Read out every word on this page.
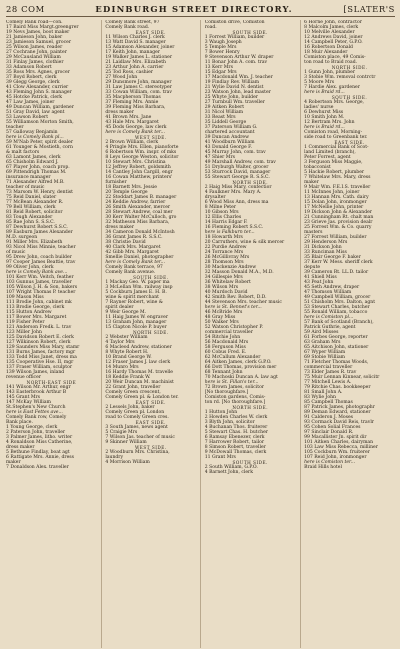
28 COM	EDINBURGH STREET DIRECTORY.	[SLATER'S
Comely Bank road—con.
17 Baird Miss Margt.greengrer
19 Nevs James, boot maker
21 Jamieson John, baker
23 Jamieson Samuel, grocer
25 Wilson James, reader
27 Cochrane John, painter
29 McCausland William
31 Finlay James, clothier
33 Adamson Robert
35 Ross Mrs. Agnes, grocer
37 Boyd Robert, clerk
39 Glegg George, clerk
41 Clow Alexander, currier
43 Fleming John S. manager
45 Hotcke Patrick, clerk
47 Law James, joiner
49 Duncan William, gardener
51 Gray David, law agent
53 Lawson Robert
55 Williamson Morton Smith,
teacher
57 Galloway Benjamin
here is Comely Bank pl...
59 M'Nab Peter, spirit dealer
61 Younger & Mostieth, corn
& malt factors
63 Lamont James, clerk
65 Chisholm Edward J.
67 Player John, coach prop.
69 Pittendrigh Thomas M.
insurance manager
71 Alexander Alfred M.B.
teacher of music
73 Marsom W. Henry, dentist
75 Reid Daniel, slater
77 McBean Alexander R.
79 Bell William, clerk
81 Reid Robert, solicitor
83 Tough Alexander
85 Rae John S. S.S.C.
87 Dewhurst Robert S.S.C.
89 Easburn James Alexander
M.D. surgeon
91 Miller Mrs. Elizabeth
93 Nicol Miss Minnie, teacher
of music
95 Drew John, coach builder
97 Cooper James Beattie, trav
99 Oliver John, clerk
here is Comely Bank ave...
101 Kerr Wm. Veitch, feather
103 Gunnus James, traveller
105 Wilson J. H. & Son, bakers
107 Wright Thomas P. teacher
109 Mason Miss
111 Brodie John, cabinet mk
113 Brodie George, clerk
115 Hutton Andrew
117 Bower Mrs. Margaret
119 Fisher Peter
121 Anderson Fredk. L. trav
123 Miller John
125 Davidson Robert E. clerk
127 Wilkinson Robert, clerk
129 Saunders Miss Mary, stamr
131 Burns James, factory mgr
133 Todd Miss Janet, dress ma
135 Cooperative Hse. II, mgr
137 Fraser William, sculptor
139 Wilson James, inland
revenue officer
NORTH-EAST SIDE
141 Wilson Mr. Arthur, engr
143 Easterbrook Arthur B
145 Grant Mrs
147 McKay William
St.Stephen's New Church
here is East Fettes ave...
Comely Bank row, Comely
Bank place.
1 Young George, clerk
2 Paterson John, traveller
3 Palmer James, litho. writer
4 Ronaldson Miss Catherine,
dress maker
5 Bethune Findlay, boat agt
6 Rattigate Mrs. Annie, dress
maker
7 Donaldson Alex. traveller
Comely Bank street, 97
Comely Bank road.
EAST SIDE.
11 Wilson Charles J. clerk
13 Watt David S. manager
15 Adamson Alexander, joiner
17 Keith John, manager
19 Walker James L. stationer
21 Laidlaw Mrs. Elizabeth
23 Arthur John A. carrier
25 Tod Ross, cashier
27 Wood John
29 Dunsmore John, manager
31 Law James C. stereotyper
33 Cowan William, com. trav
35 Macpherson Thomas
37 Fleming Mrs. Annie
39 Fleming Miss Barbara,
dress maker
41 Brown Mrs. Jane
43 Hale Mrs. Margaret
45 Dods George, law clerk
here is Comely Bank ter...
WEST SIDE.
2 Brown William, clerk
4 Pringle Mrs. Ellen, pianoforte
6 Robertson Wm. inspr. of mks
8 Leys George Weston, solicitor
10 Stewart Mrs. Christina
12 Jeffrey Robert, goldsmith
14 Cantley John Cargill, engr
16 Cowan Matthew, printers'
furnisher
18 Barnett Mrs. Jessie
20 Temple George
22 Stoddart James B. manager
24 Keddie Andrew, farrier
26 Smith Alexander, mercer
28 Stewart Andrew, coal mer
30 Kerr Walter McCulloch, gro
32 Matheson Miss Barbara,
dress maker
34 Cameron Donald McIntosh
36 Grant James R. S.S.C.
38 Christie David
40 Clark Mrs. Margaret
42 Gibb Mrs. Margaret
Smellie Daniel, photographer
here is Comely Bank ter...
Comely Bank terrace, 97
Comely Bank avenue.
SOUTH SIDE.
1 Mackay Geo. W. paper ma
3 McLellan Wm. railway insp
5 Cockburn James E. H. B.
wine & spirit merchant
7 Rayner Robert, wine &
spirit dealer
9 Weir George M.
11 Haig James W. engraver
13 Graham John, manager
15 Clapton Nicole P. buyer
NORTH SIDE.
2 Webster William
4 Taylor Mrs
6 Macleod Andrew, stationer
8 Whyte Robert H.
10 Brand George W.
12 Fraser James J. law clerk
14 Munro Mrs
16 Hardy Thomas M. travelle
18 Keddie Frank W.
20 Weir Duncan M. machinist
22 Grant John, traveller
Comely Green crescent,
Comely Green pl. & London ter.
EAST SIDE.
2 Lessels John, baker
Comely Green pl. London
road to Comely Green cres.
EAST SIDE.
3 South James, news agent
5 Craigie Mrs
7 Wilson Jas. teacher of music
9 Skinner William
WEST SIDE.
2 Woodburn Mrs. Christina,
laundry
4 Morrison William
Comiston drive, Comiston
road.
SOUTH SIDE.
1 Forrest William, builder
3 Waugh Joseph
5 Temple Mrs
7 Bower Henry
9 Stevenson Arthur W. draper
11 Bonar John A. com. trav
13 Kerr Mrs
15 Edgar Mrs
17 Macdonald Wm. J. teacher
19 Findlay Rev. William
21 Wylie David N. dentist
23 Watson John, lead master
25 Whyte John, builder
27 Turnbull Wm. traveller
29 Aitken Robert
31 Nicol William
33 Reast Mrs
35 Liddell George
37 Paterson William G.
chartered accountant
39 Duncan Andrew
41 Woodburn William
43 Donald George F.
45 Murray John, com. trav
47 Shier Mrs
49 Marshall Andrew, com. trav
51 Dryburgh Walter, grocer
53 Sturrock David, manager
55 Stewart George R. S.S.C.
NORTH SIDE.
2 Haig Miss Mary, confectior
4 Faulkner Mrs. Mary A.
drysalter
6 Wood Miss Ann, dress ma
8 Milne Peter
10 Gibson Mrs
12 Ellis Charles
14 Harris Edgar F.
16 Fleming Robert S.S.C.
here is Falkburn ter...
18 Howarth Mrs
20 Carruthers, wine & silk mercer
22 Purdie Andrew
24 Torrance Mrs
26 McGillivray Mrs
28 Thomson Mrs
30 Mackenzie Andrew
32 Masson Donald M.A., M.D.
34 Gillespie Mrs
36 Whitelaw Robert
38 Wilson Mrs
40 Murdoch David
42 Smith Rev. Robert, D.D.
44 Stevenson Mrs. teacher music
here is St. Bennet's ter...
46 McBride Mrs
48 Gray Miss
50 Walker Mrs
52 Watson Christopher P.
commercial traveller
54 Ritchie John
56 Macdonald Mrs
58 Ferguson Miss
60 Cobus Fred. E.
62 McCallum Alexander
64 Aitken James, clerk G.P.O.
66 Dott Thomas, provision mer
68 Tennant John
70 Machoski Duncan A. law agt
here is St. Fillan's ter...
72 Brown James, solicitor
[No thoroughfare.]
Comiston gardens, Comis-
ton rd. [No thoroughfare.]
NORTH SIDE.
1 Hutton John
2 Howden Charles W. clerk
3 Blyth John, solicitor
4 Buchanan Thos. fruiterer
5 Stewart Chas. H. butcher
6 Ramsay Ebenezer, clerk
7 Harrower Robert, tailor
8 Simson Robert, traveller
9 McDowall Thomas, clerk
11 Grant Mrs
SOUTH SIDE.
2 South William, G.P.O.
4 Barnett John, clerk
6 Horne John, contractor
8 Malcolm James, clerk
10 Melville Alexander
12 Andrews David, joiner
14 Campbell Peter, G.P.O.
16 Robertson Donald
18 Muir Alexander
Comiston place, 49 Comis-
ton road to Braid road.
NORTH SIDE.
1 Gunn John, plumber
3 Stobie Wm. removal contrctr
5 Moore Mrs
7 Hardie Alex. gardener
here is Braid rd...
SOUTH SIDE.
4 Robertson Mrs. George,
ladies' nurse
6 Dewhurst Miss
10 Smith John M.
12 Bertram Mrs. John
here is Braid rd...
Comiston road, Morning-
side road to Greenbank ter.
EAST SIDE.
1 Commercial Bank of Scot-
land Limited (branch),
Peter Forrest, agent
3 Ferguson Miss Maggie,
tobacconist
5 Hackie Robert, plumber
7 Whitelaw Mrs. Mary, dress
maker
9 Mair Wm. F.E.I.S. traveller
11 McInnes John, joiner
13 Hannan Mrs. Cath. dairy
15 Dolan John, ironmonger
17 McNellie John, printer
19 Dickson John & Alexander
21 Cunningham Rt. chalt man
23 Grieve Jas. provision dealr
25 Forrest Wm. & Co. quarry
masters
27 Forrest William, builder
29 Henderson Mrs
31 Dickson John
33 Runciman Miss
35 Blair George F. baker
37 Kerr W. Mess. sheriff clerk
depute
39 Cameron Rt. LL.D. tailor
41 Shiell Miss
43 Peat John
45 Seth Andrew, draper
47 Thomson William
49 Campbell William, grocer
51 Chisholm Mrs. Dalton, agnt
53 Stewart Charles, butcher
55 Ronald William, tobacco
here is Comiston pl...
57 Bank of Scotland (Branch),
Patrick Guthrie, agent
59 Aird Misses
61 Forbes George, reporter
63 Graham Mrs
65 Aitchison John, stationer
67 Wyper William
69 Stobie William
71 Fletcher Thomas Woods,
commercial traveller
73 Elder James R. trav
75 Muir Lennan Kinnear, solicitr
77 Mitchell Lewis A.
79 Ritchie Chas. bookkeeper
81 Small John A.
83 Wylie John
85 Campbell Thomas
87 Patrick James, photographr
89 Deman Edward, stationer
91 Calderon J. Moses
93 Cormack David Reis, travlr
95 Cohen Solial Frances
97 Sinclair Donald R.
99 Macallister Jn. spirit dir
101 Aitken Charles, dairyman
103 Law Miss Rebecca, milliner
105 Cockburn Wm. fruiterer
107 Reid John, ironmonger
here is Comiston ter...
Braid Hills hotel
